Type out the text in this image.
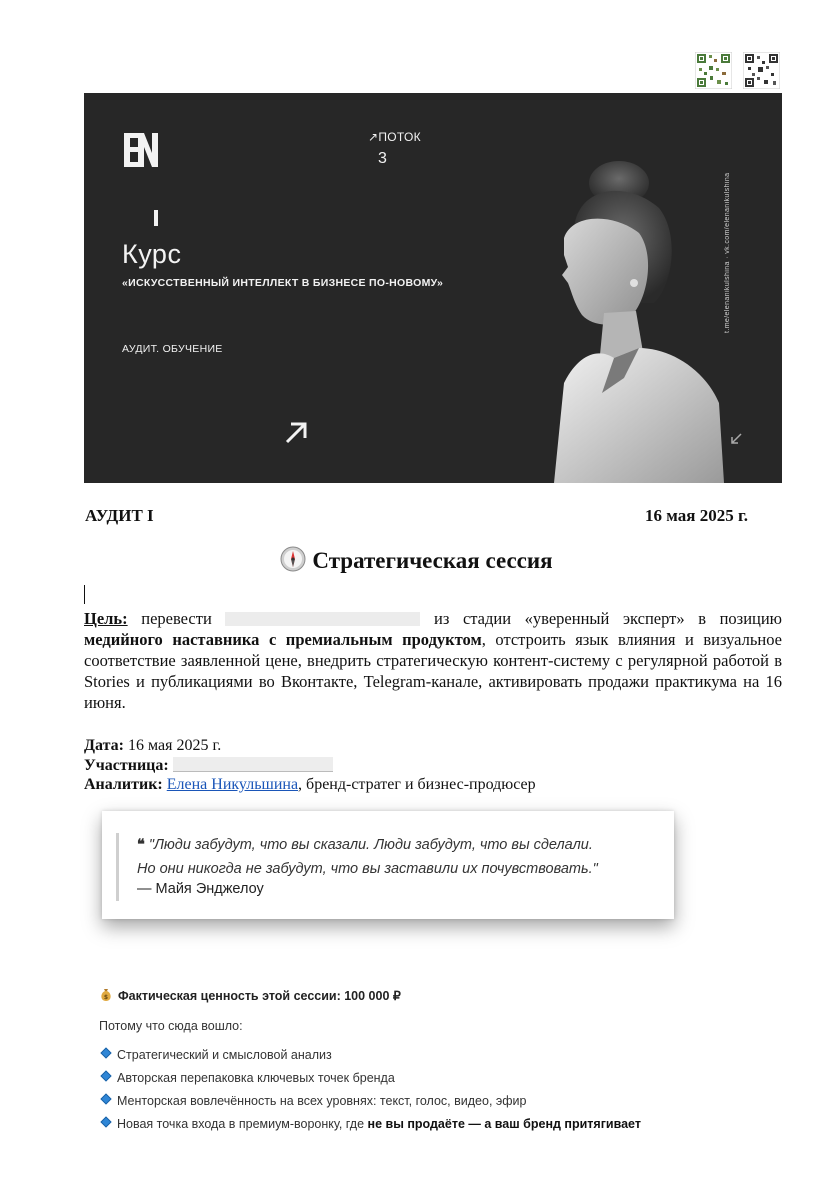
Курс
«ИСКУССТВЕННЫЙ ИНТЕЛЛЕКТ В БИЗНЕСЕ ПО-НОВОМУ»
АУДИТ. ОБУЧЕНИЕ
↗ПОТОК
3
t.me/elenanikulshina · vk.com/elenanikulshina
АУДИТ I	16 мая 2025 г.
Стратегическая сессия
Цель: перевести	из стадии «уверенный эксперт» в позицию медийного наставника с премиальным продуктом, отстроить язык влияния и визуальное соответствие заявленной цене, внедрить стратегическую контент-систему с регулярной работой в Stories и публикациями во Вконтакте, Telegram-канале, активировать продажи практикума на 16 июня.
Дата: 16 мая 2025 г.
Участница:
Аналитик: Елена Никульшина, бренд-стратег и бизнес-продюсер
❝ "Люди забудут, что вы сказали. Люди забудут, что вы сделали.
Но они никогда не забудут, что вы заставили их почувствовать."
— Майя Энджелоу
$ Фактическая ценность этой сессии: 100 000 ₽
Потому что сюда вошло:
Стратегический и смысловой анализ
Авторская перепаковка ключевых точек бренда
Менторская вовлечённость на всех уровнях: текст, голос, видео, эфир
Новая точка входа в премиум-воронку, где не вы продаёте — а ваш бренд притягивает
